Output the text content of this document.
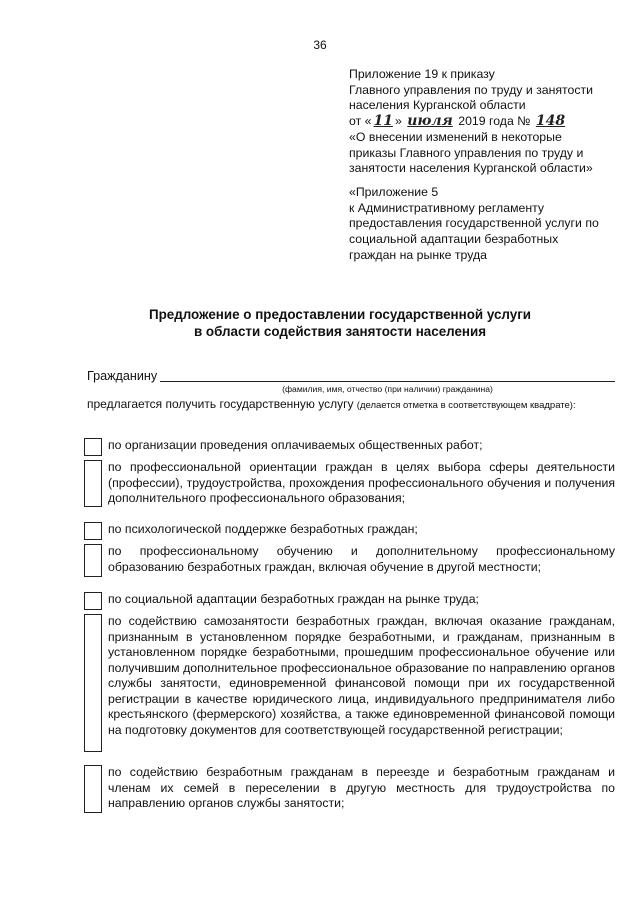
36
Приложение 19 к приказу
Главного управления по труду и занятости
населения Курганской области
от « 11 » июля 2019 года № 148
«О внесении изменений в некоторые
приказы Главного управления по труду и
занятости населения Курганской области»
«Приложение 5
к Административному регламенту
предоставления государственной услуги по
социальной адаптации безработных
граждан на рынке труда
Предложение о предоставлении государственной услуги
в области содействия занятости населения
Гражданину
(фамилия, имя, отчество (при наличии) гражданина)
предлагается получить государственную услугу (делается отметка в соответствующем квадрате):
по организации проведения оплачиваемых общественных работ;
по профессиональной ориентации граждан в целях выбора сферы деятельности (профессии), трудоустройства, прохождения профессионального обучения и получения дополнительного профессионального образования;
по психологической поддержке безработных граждан;
по профессиональному обучению и дополнительному профессиональному образованию безработных граждан, включая обучение в другой местности;
по социальной адаптации безработных граждан на рынке труда;
по содействию самозанятости безработных граждан, включая оказание гражданам, признанным в установленном порядке безработными, и гражданам, признанным в установленном порядке безработными, прошедшим профессиональное обучение или получившим дополнительное профессиональное образование по направлению органов службы занятости, единовременной финансовой помощи при их государственной регистрации в качестве юридического лица, индивидуального предпринимателя либо крестьянского (фермерского) хозяйства, а также единовременной финансовой помощи на подготовку документов для соответствующей государственной регистрации;
по содействию безработным гражданам в переезде и безработным гражданам и членам их семей в переселении в другую местность для трудоустройства по направлению органов службы занятости;
